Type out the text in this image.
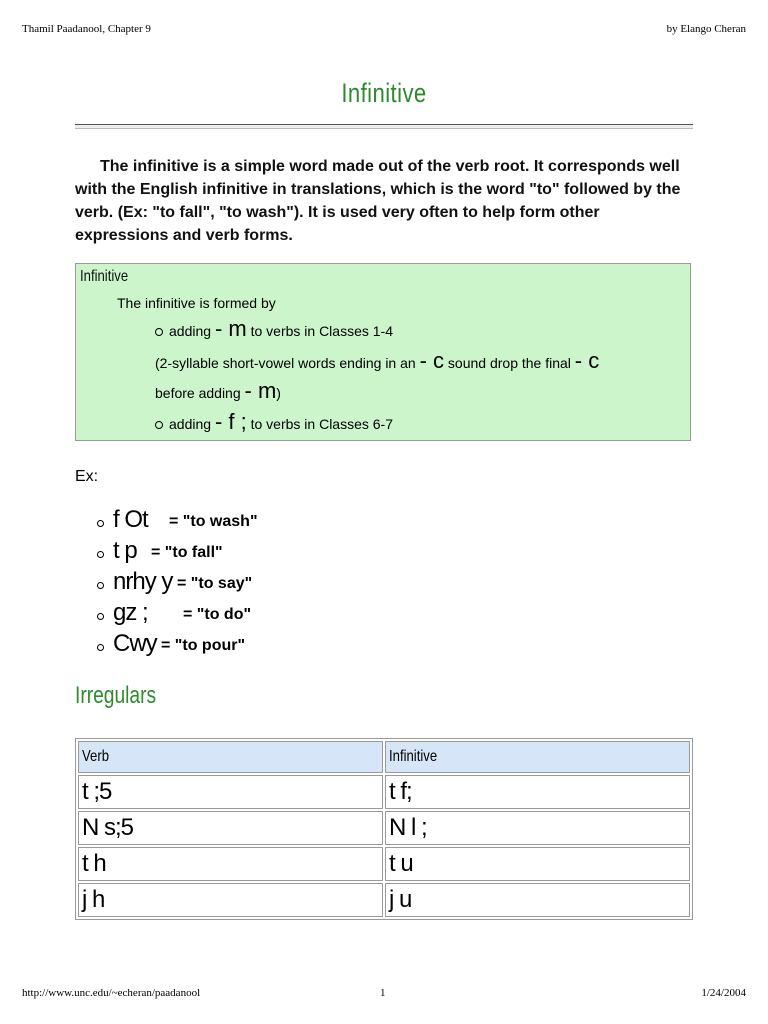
Thamil Paadanool, Chapter 9	by Elango Cheran
Infinitive

The infinitive is a simple word made out of the verb root. It corresponds well with the English infinitive in translations, which is the word "to" followed by the verb. (Ex: "to fall", "to wash"). It is used very often to help form other expressions and verb forms.

Infinitive
The infinitive is formed by
adding - m to verbs in Classes 1-4
(2-syllable short-vowel words ending in an - c sound drop the final - c
before adding - m)
adding - f ; to verbs in Classes 6-7
Ex:
f Ot = "to wash"
t p = "to fall"
nrhy y = "to say"
gz ; = "to do"
Cwy = "to pour"
Irregulars
Verb	Infinitive
t ;5	t f;
N s;5	N l ;
t h	t u
j h	j u
http://www.unc.edu/~echeran/paadanool	1	1/24/2004
